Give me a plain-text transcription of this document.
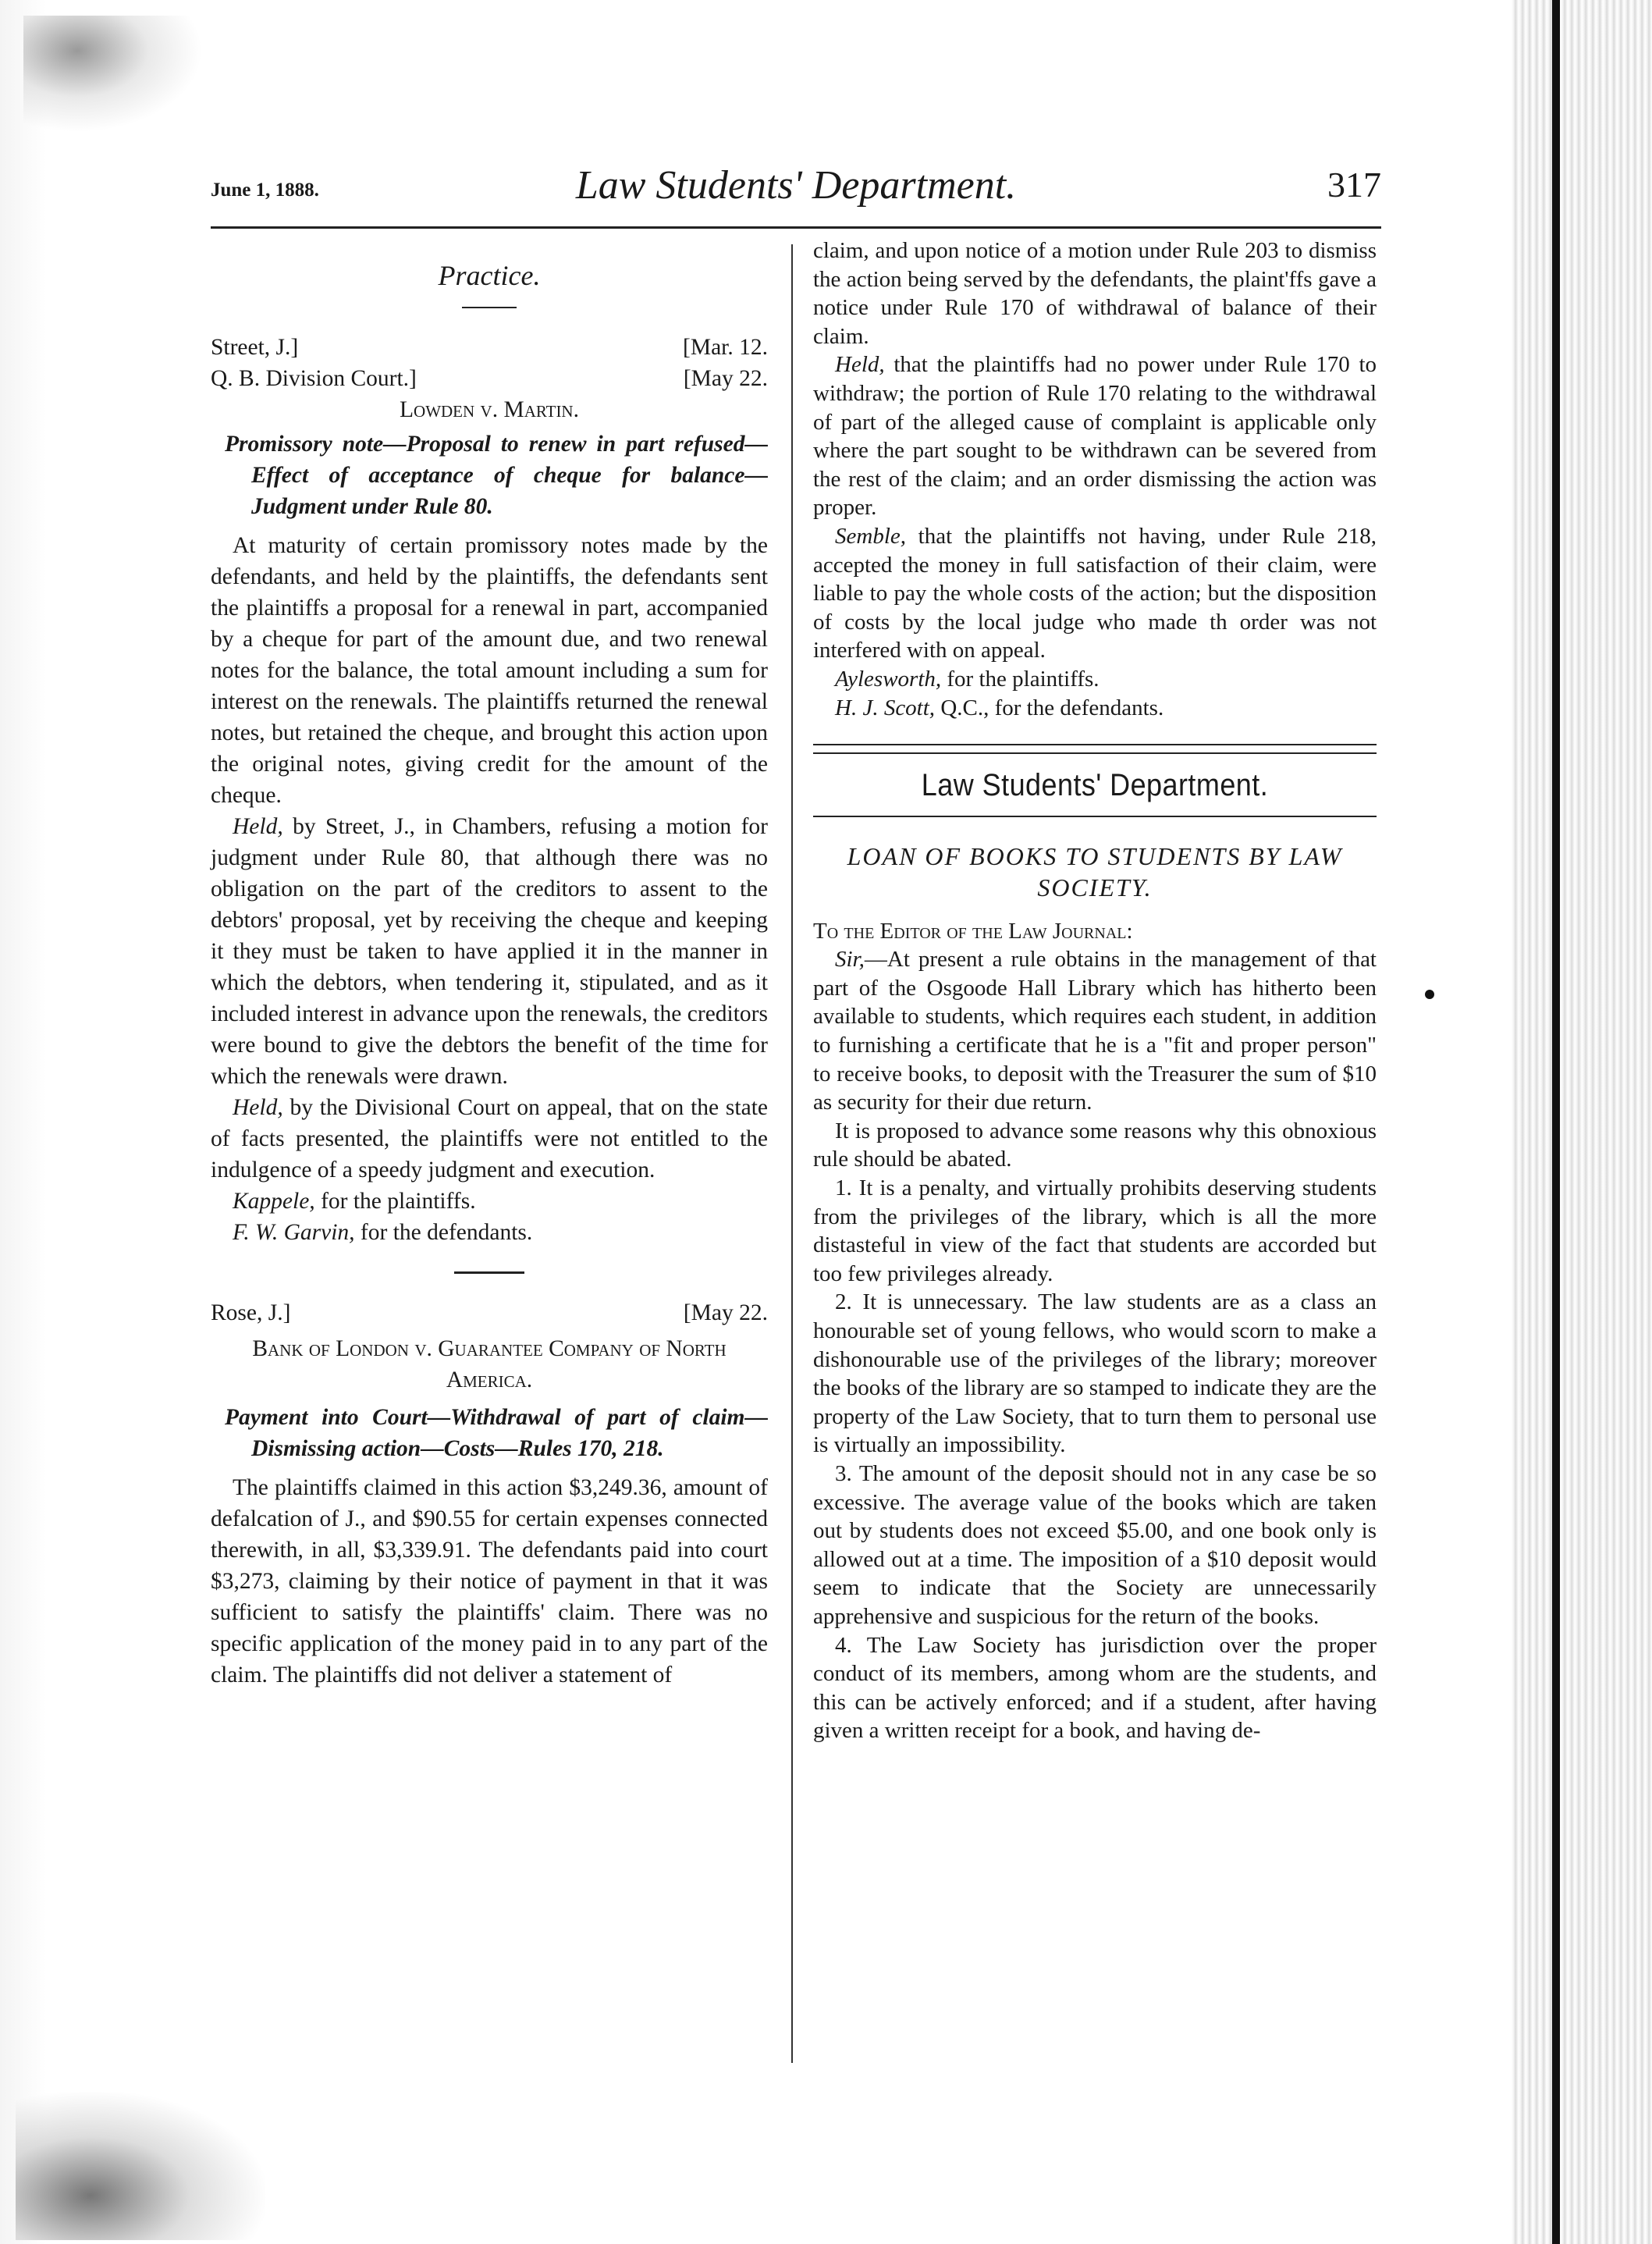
June 1, 1888.	Law Students' Department.	317
Practice.
Street, J.]	[Mar. 12.
Q. B. Division Court.]	[May 22.

Lowden v. Martin.

Promissory note—Proposal to renew in part refused—Effect of acceptance of cheque for balance—Judgment under Rule 80.

At maturity of certain promissory notes made by the defendants, and held by the plaintiffs, the defendants sent the plaintiffs a proposal for a renewal in part, accompanied by a cheque for part of the amount due, and two renewal notes for the balance, the total amount including a sum for interest on the renewals. The plaintiffs returned the renewal notes, but retained the cheque, and brought this action upon the original notes, giving credit for the amount of the cheque.

Held, by Street, J., in Chambers, refusing a motion for judgment under Rule 80, that although there was no obligation on the part of the creditors to assent to the debtors' proposal, yet by receiving the cheque and keeping it they must be taken to have applied it in the manner in which the debtors, when tendering it, stipulated, and as it included interest in advance upon the renewals, the creditors were bound to give the debtors the benefit of the time for which the renewals were drawn.

Held, by the Divisional Court on appeal, that on the state of facts presented, the plaintiffs were not entitled to the indulgence of a speedy judgment and execution.

Kappele, for the plaintiffs.

F. W. Garvin, for the defendants.

Rose, J.]	[May 22.

Bank of London v. Guarantee Company of North America.

Payment into Court—Withdrawal of part of claim—Dismissing action—Costs—Rules 170, 218.

The plaintiffs claimed in this action $3,249.36, amount of defalcation of J., and $90.55 for certain expenses connected therewith, in all, $3,339.91. The defendants paid into court $3,273, claiming by their notice of payment in that it was sufficient to satisfy the plaintiffs' claim. There was no specific application of the money paid in to any part of the claim. The plaintiffs did not deliver a statement of

claim, and upon notice of a motion under Rule 203 to dismiss the action being served by the defendants, the plaint'ffs gave a notice under Rule 170 of withdrawal of balance of their claim.

Held, that the plaintiffs had no power under Rule 170 to withdraw; the portion of Rule 170 relating to the withdrawal of part of the alleged cause of complaint is applicable only where the part sought to be withdrawn can be severed from the rest of the claim; and an order dismissing the action was proper.

Semble, that the plaintiffs not having, under Rule 218, accepted the money in full satisfaction of their claim, were liable to pay the whole costs of the action; but the disposition of costs by the local judge who made th order was not interfered with on appeal.

Aylesworth, for the plaintiffs.

H. J. Scott, Q.C., for the defendants.

Law Students' Department.
LOAN OF BOOKS TO STUDENTS BY LAW SOCIETY.

To the Editor of the Law Journal:

Sir,—At present a rule obtains in the management of that part of the Osgoode Hall Library which has hitherto been available to students, which requires each student, in addition to furnishing a certificate that he is a "fit and proper person" to receive books, to deposit with the Treasurer the sum of $10 as security for their due return.

It is proposed to advance some reasons why this obnoxious rule should be abated.

1. It is a penalty, and virtually prohibits deserving students from the privileges of the library, which is all the more distasteful in view of the fact that students are accorded but too few privileges already.

2. It is unnecessary. The law students are as a class an honourable set of young fellows, who would scorn to make a dishonourable use of the privileges of the library; moreover the books of the library are so stamped to indicate they are the property of the Law Society, that to turn them to personal use is virtually an impossibility.

3. The amount of the deposit should not in any case be so excessive. The average value of the books which are taken out by students does not exceed $5.00, and one book only is allowed out at a time. The imposition of a $10 deposit would seem to indicate that the Society are unnecessarily apprehensive and suspicious for the return of the books.

4. The Law Society has jurisdiction over the proper conduct of its members, among whom are the students, and this can be actively enforced; and if a student, after having given a written receipt for a book, and having de-
